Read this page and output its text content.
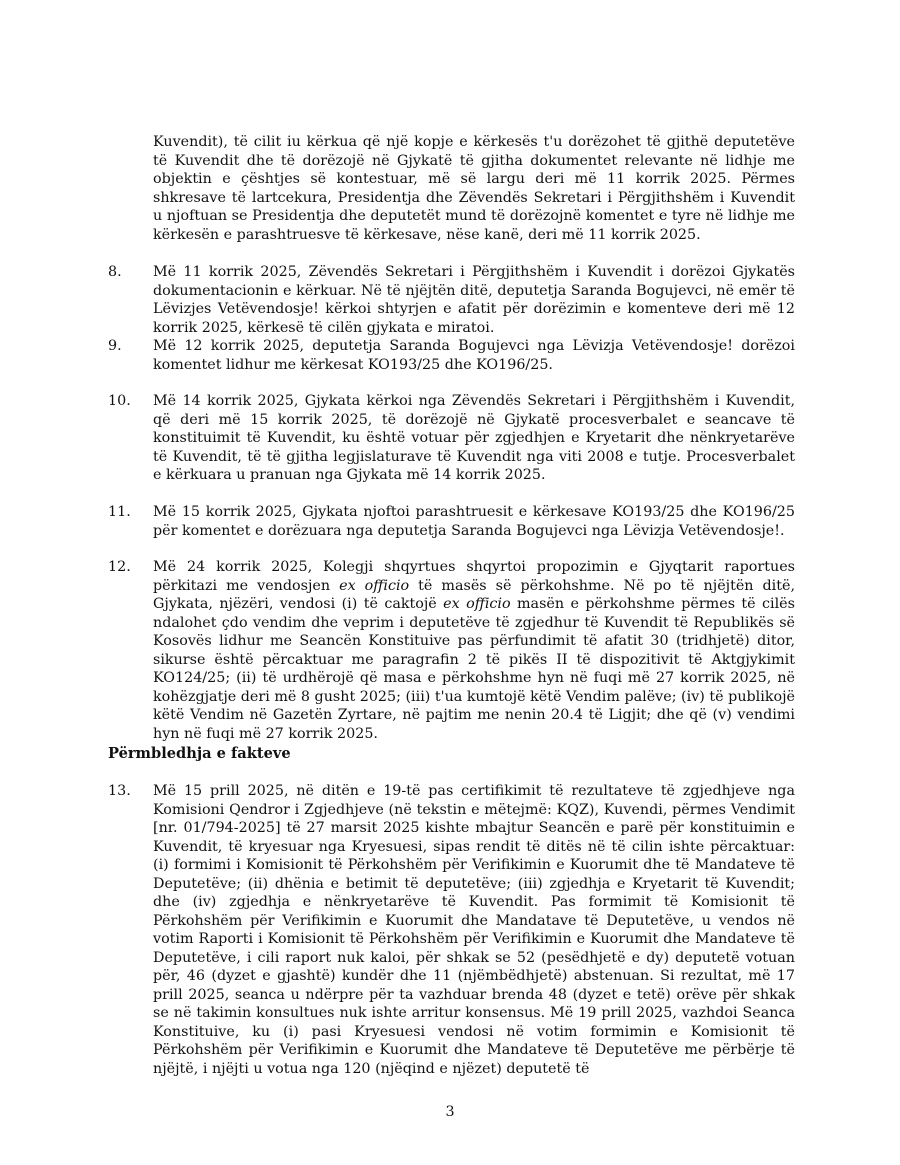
Kuvendit), të cilit iu kërkua që një kopje e kërkesës t'u dorëzohet të gjithë deputetëve të Kuvendit dhe të dorëzojë në Gjykatë të gjitha dokumentet relevante në lidhje me objektin e çështjes së kontestuar, më së largu deri më 11 korrik 2025. Përmes shkresave të lartcekura, Presidentja dhe Zëvendës Sekretari i Përgjithshëm i Kuvendit u njoftuan se Presidentja dhe deputetët mund të dorëzojnë komentet e tyre në lidhje me kërkesën e parashtruesve të kërkesave, nëse kanë, deri më 11 korrik 2025.
8.	Më 11 korrik 2025, Zëvendës Sekretari i Përgjithshëm i Kuvendit i dorëzoi Gjykatës dokumentacionin e kërkuar. Në të njëjtën ditë, deputetja Saranda Bogujevci, në emër të Lëvizjes Vetëvendosje! kërkoi shtyrjen e afatit për dorëzimin e komenteve deri më 12 korrik 2025, kërkesë të cilën gjykata e miratoi.
9.	Më 12 korrik 2025, deputetja Saranda Bogujevci nga Lëvizja Vetëvendosje! dorëzoi komentet lidhur me kërkesat KO193/25 dhe KO196/25.
10.	Më 14 korrik 2025, Gjykata kërkoi nga Zëvendës Sekretari i Përgjithshëm i Kuvendit, që deri më 15 korrik 2025, të dorëzojë në Gjykatë procesverbalet e seancave të konstituimit të Kuvendit, ku është votuar për zgjedhjen e Kryetarit dhe nënkryetarëve të Kuvendit, të të gjitha legjislaturave të Kuvendit nga viti 2008 e tutje. Procesverbalet e kërkuara u pranuan nga Gjykata më 14 korrik 2025.
11.	Më 15 korrik 2025, Gjykata njoftoi parashtruesit e kërkesave KO193/25 dhe KO196/25 për komentet e dorëzuara nga deputetja Saranda Bogujevci nga Lëvizja Vetëvendosje!.
12.	Më 24 korrik 2025, Kolegji shqyrtues shqyrtoi propozimin e Gjyqtarit raportues përkitazi me vendosjen ex officio të masës së përkohshme. Në po të njëjtën ditë, Gjykata, njëzëri, vendosi (i) të caktojë ex officio masën e përkohshme përmes të cilës ndalohet çdo vendim dhe veprim i deputetëve të zgjedhur të Kuvendit të Republikës së Kosovës lidhur me Seancën Konstituive pas përfundimit të afatit 30 (tridhjetë) ditor, sikurse është përcaktuar me paragrafin 2 të pikës II të dispozitivit të Aktgjykimit KO124/25; (ii) të urdhërojë që masa e përkohshme hyn në fuqi më 27 korrik 2025, në kohëzgjatje deri më 8 gusht 2025; (iii) t'ua kumtojë këtë Vendim palëve; (iv) të publikojë këtë Vendim në Gazetën Zyrtare, në pajtim me nenin 20.4 të Ligjit; dhe që (v) vendimi hyn në fuqi më 27 korrik 2025.
Përmbledhja e fakteve
13.	Më 15 prill 2025, në ditën e 19-të pas certifikimit të rezultateve të zgjedhjeve nga Komisioni Qendror i Zgjedhjeve (në tekstin e mëtejmë: KQZ), Kuvendi, përmes Vendimit [nr. 01/794-2025] të 27 marsit 2025 kishte mbajtur Seancën e parë për konstituimin e Kuvendit, të kryesuar nga Kryesuesi, sipas rendit të ditës në të cilin ishte përcaktuar: (i) formimi i Komisionit të Përkohshëm për Verifikimin e Kuorumit dhe të Mandateve të Deputetëve; (ii) dhënia e betimit të deputetëve; (iii) zgjedhja e Kryetarit të Kuvendit; dhe (iv) zgjedhja e nënkryetarëve të Kuvendit. Pas formimit të Komisionit të Përkohshëm për Verifikimin e Kuorumit dhe Mandatave të Deputetëve, u vendos në votim Raporti i Komisionit të Përkohshëm për Verifikimin e Kuorumit dhe Mandateve të Deputetëve, i cili raport nuk kaloi, për shkak se 52 (pesëdhjetë e dy) deputetë votuan për, 46 (dyzet e gjashtë) kundër dhe 11 (njëmbëdhjetë) abstenuan. Si rezultat, më 17 prill 2025, seanca u ndërpre për ta vazhduar brenda 48 (dyzet e tetë) orëve për shkak se në takimin konsultues nuk ishte arritur konsensus. Më 19 prill 2025, vazhdoi Seanca Konstituive, ku (i) pasi Kryesuesi vendosi në votim formimin e Komisionit të Përkohshëm për Verifikimin e Kuorumit dhe Mandateve të Deputetëve me përbërje të njëjtë, i njëjti u votua nga 120 (njëqind e njëzet) deputetë të
3
